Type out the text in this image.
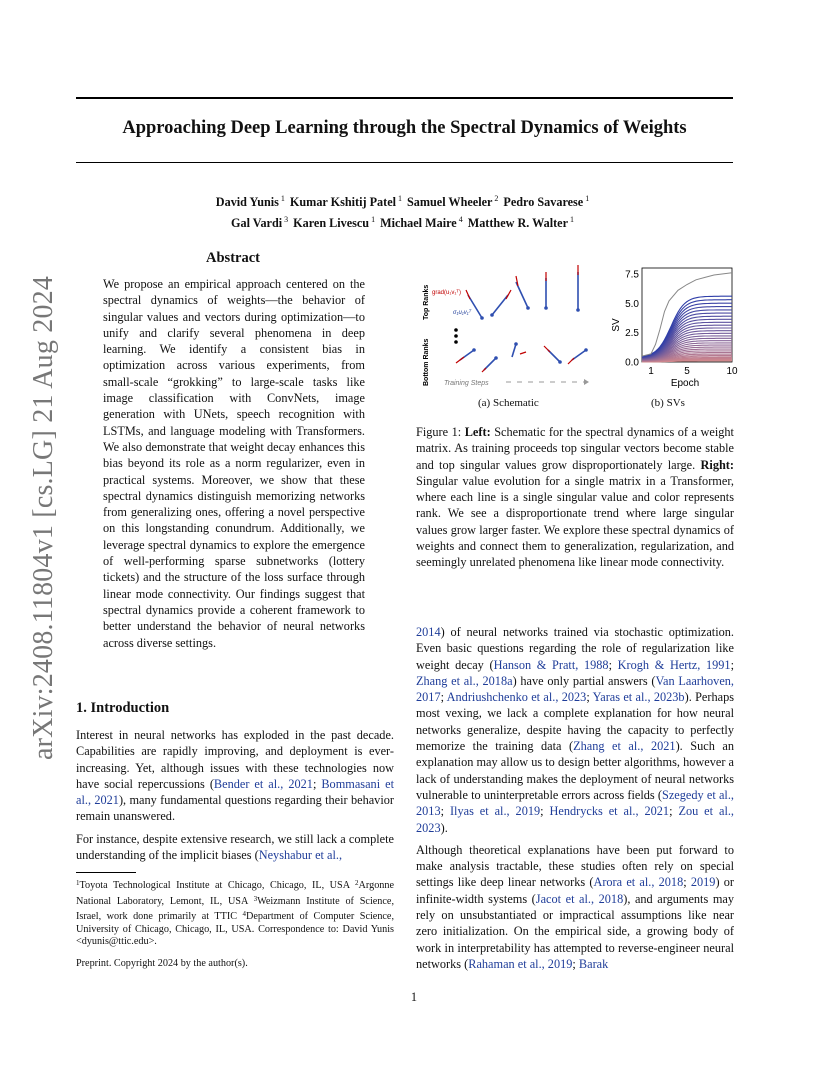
Approaching Deep Learning through the Spectral Dynamics of Weights
David Yunis $^1$ Kumar Kshitij Patel $^1$ Samuel Wheeler $^2$ Pedro Savarese $^1$
Gal Vardi $^3$ Karen Livescu $^1$ Michael Maire $^4$ Matthew R. Walter $^1$
arXiv:2408.11804v1 [cs.LG] 21 Aug 2024
Abstract
We propose an empirical approach centered on the spectral dynamics of weights—the behavior of singular values and vectors during optimization—to unify and clarify several phenomena in deep learning. We identify a consistent bias in optimization across various experiments, from small-scale “grokking” to large-scale tasks like image classification with ConvNets, image generation with UNets, speech recognition with LSTMs, and language modeling with Transformers. We also demonstrate that weight decay enhances this bias beyond its role as a norm regularizer, even in practical systems. Moreover, we show that these spectral dynamics distinguish memorizing networks from generalizing ones, offering a novel perspective on this longstanding conundrum. Additionally, we leverage spectral dynamics to explore the emergence of well-performing sparse subnetworks (lottery tickets) and the structure of the loss surface through linear mode connectivity. Our findings suggest that spectral dynamics provide a coherent framework to better understand the behavior of neural networks across diverse settings.
1. Introduction
Interest in neural networks has exploded in the past decade. Capabilities are rapidly improving, and deployment is ever-increasing. Yet, although issues with these technologies now have social repercussions (Bender et al., 2021; Bommasani et al., 2021), many fundamental questions regarding their behavior remain unanswered.
For instance, despite extensive research, we still lack a complete understanding of the implicit biases (Neyshabur et al.,
$^1$Toyota Technological Institute at Chicago, Chicago, IL, USA $^2$Argonne National Laboratory, Lemont, IL, USA $^3$Weizmann Institute of Science, Israel, work done primarily at TTIC $^4$Department of Computer Science, University of Chicago, Chicago, IL, USA. Correspondence to: David Yunis <dyunis@ttic.edu>.
Preprint. Copyright 2024 by the author(s).
Top Ranks
Bottom Ranks
grad(u₁v₁ᵀ)
σ₁u₁v₁ᵀ
Training Steps
SV
Epoch
0.0
2.5
5.0
7.5
1	5	10
(a) Schematic	(b) SVs
Figure 1: Left: Schematic for the spectral dynamics of a weight matrix. As training proceeds top singular vectors become stable and top singular values grow disproportionately large. Right: Singular value evolution for a single matrix in a Transformer, where each line is a single singular value and color represents rank. We see a disproportionate trend where large singular values grow larger faster. We explore these spectral dynamics of weights and connect them to generalization, regularization, and seemingly unrelated phenomena like linear mode connectivity.
2014) of neural networks trained via stochastic optimization. Even basic questions regarding the role of regularization like weight decay (Hanson & Pratt, 1988; Krogh & Hertz, 1991; Zhang et al., 2018a) have only partial answers (Van Laarhoven, 2017; Andriushchenko et al., 2023; Yaras et al., 2023b). Perhaps most vexing, we lack a complete explanation for how neural networks generalize, despite having the capacity to perfectly memorize the training data (Zhang et al., 2021). Such an explanation may allow us to design better algorithms, however a lack of understanding makes the deployment of neural networks vulnerable to uninterpretable errors across fields (Szegedy et al., 2013; Ilyas et al., 2019; Hendrycks et al., 2021; Zou et al., 2023).
Although theoretical explanations have been put forward to make analysis tractable, these studies often rely on special settings like deep linear networks (Arora et al., 2018; 2019) or infinite-width systems (Jacot et al., 2018), and arguments may rely on unsubstantiated or impractical assumptions like near zero initialization. On the empirical side, a growing body of work in interpretability has attempted to reverse-engineer neural networks (Rahaman et al., 2019; Barak
1
